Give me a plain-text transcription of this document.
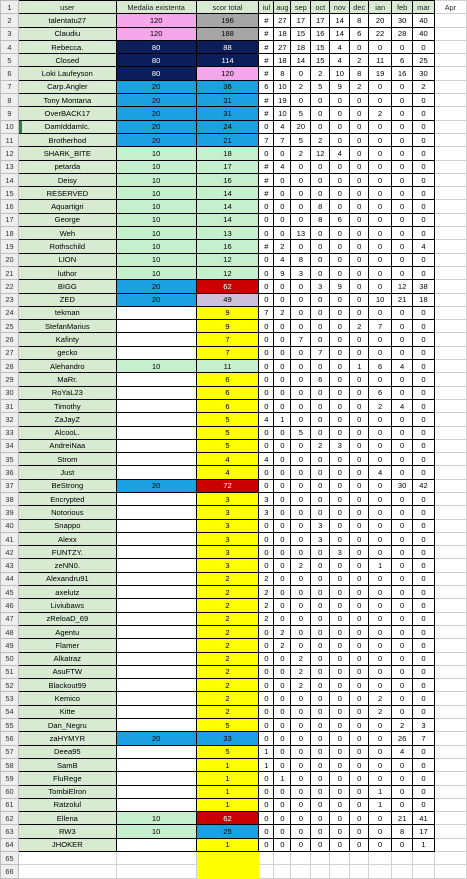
1	user	Medalia existenta	scor total	iul	aug	sep	oct	nov	dec	ian	feb	mar	Apr
2	talentatu27	120	196	#	27	17	17	14	8	20	30	40	
3	Claudiu	120	188	#	18	15	16	14	6	22	28	40	
4	Rebecca.	80	88	#	27	18	15	4	0	0	0	0	
5	Closed	80	114	#	18	14	15	4	2	11	6	25	
6	Loki Laufeyson	80	120	#	8	0	2	10	8	19	16	30	
7	Carp.Angler	20	36	6	10	2	5	9	2	0	0	2	
8	Tony Montana	20	31	#	19	0	0	0	0	0	0	0	
9	OverBACK17	20	31	#	10	5	0	0	0	2	0	0	
10	DamIddamIc.	20	24	0	4	20	0	0	0	0	0	0	
11	Brotherhod	20	21	7	7	5	2	0	0	0	0	0	
12	SHARK_BITE	10	18	0	0	2	12	4	0	0	0	0	
13	petarda	10	17	#	4	0	0	0	0	0	0	0	
14	Deisy	10	16	#	0	0	0	0	0	0	0	0	
15	RESERVED	10	14	#	0	0	0	0	0	0	0	0	
16	Aquartigri	10	14	0	0	0	8	0	0	0	0	0	
17	George	10	14	0	0	0	8	6	0	0	0	0	
18	Weh	10	13	0	0	13	0	0	0	0	0	0	
19	Rothschild	10	16	#	2	0	0	0	0	0	0	4	
20	LION	10	12	0	4	8	0	0	0	0	0	0	
21	luthor	10	12	0	9	3	0	0	0	0	0	0	
22	BIGG	20	62	0	0	0	3	9	0	0	12	38	
23	ZED	20	49	0	0	0	0	0	0	10	21	18	
24	tekman		9	7	2	0	0	0	0	0	0	0	
25	StefanMarius		9	0	0	0	0	0	2	7	0	0	
26	Kafinty		7	0	0	7	0	0	0	0	0	0	
27	gecko		7	0	0	0	7	0	0	0	0	0	
28	Alehandro	10	11	0	0	0	0	0	1	6	4	0	
29	MaRr.		6	0	0	0	6	0	0	0	0	0	
30	RoYaL23		6	0	0	0	0	0	0	6	0	0	
31	Timothy		6	0	0	0	0	0	0	2	4	0	
32	ZaJayZ		5	4	1	0	0	0	0	0	0	0	
33	AlcooL.		5	0	0	5	0	0	0	0	0	0	
34	AndreiNaa		5	0	0	0	2	3	0	0	0	0	
35	Strom		4	4	0	0	0	0	0	0	0	0	
36	Just		4	0	0	0	0	0	0	4	0	0	
37	BeStrong	20	72	0	0	0	0	0	0	0	30	42	
38	Encrypted		3	3	0	0	0	0	0	0	0	0	
39	Notorious		3	3	0	0	0	0	0	0	0	0	
40	Snappo		3	0	0	0	3	0	0	0	0	0	
41	Alexx		3	0	0	0	3	0	0	0	0	0	
42	FUNTZY.		3	0	0	0	0	3	0	0	0	0	
43	zeNN0.		3	0	0	2	0	0	0	1	0	0	
44	Alexandru91		2	2	0	0	0	0	0	0	0	0	
45	axelutz		2	2	0	0	0	0	0	0	0	0	
46	Liviubaws		2	2	0	0	0	0	0	0	0	0	
47	zReloaD_69		2	2	0	0	0	0	0	0	0	0	
48	Agentu		2	0	2	0	0	0	0	0	0	0	
49	Flamer		2	0	2	0	0	0	0	0	0	0	
50	Alkatraz		2	0	0	2	0	0	0	0	0	0	
51	AsuFTW		2	0	0	2	0	0	0	0	0	0	
52	Blackout99		2	0	0	2	0	0	0	0	0	0	
53	Kemico		2	0	0	0	0	0	0	2	0	0	
54	Kitte		2	0	0	0	0	0	0	2	0	0	
55	Dan_Negru		5	0	0	0	0	0	0	0	2	3	
56	zaHYMYR	20	33	0	0	0	0	0	0	0	26	7	
57	Deea95		5	1	0	0	0	0	0	0	4	0	
58	SamB		1	1	0	0	0	0	0	0	0	0	
59	FluRege		1	0	1	0	0	0	0	0	0	0	
60	TombiElron		1	0	0	0	0	0	0	1	0	0	
61	Ratzolul		1	0	0	0	0	0	0	1	0	0	
62	Ellena	10	62	0	0	0	0	0	0	0	21	41	
63	RW3	10	25	0	0	0	0	0	0	0	8	17	
64	JHOKER		1	0	0	0	0	0	0	0	0	1	
65													
66													
